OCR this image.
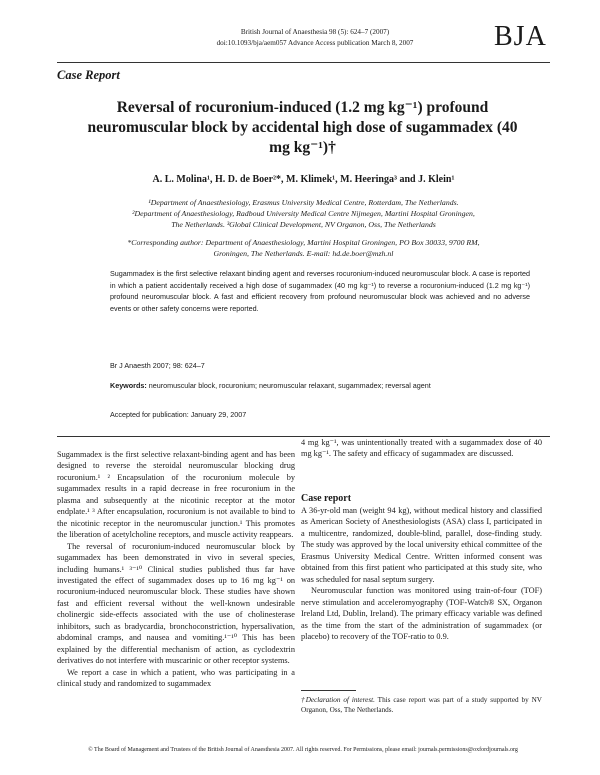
British Journal of Anaesthesia 98 (5): 624–7 (2007)
doi:10.1093/bja/aem057 Advance Access publication March 8, 2007	BJA
Case Report
Reversal of rocuronium-induced (1.2 mg kg⁻¹) profound neuromuscular block by accidental high dose of sugammadex (40 mg kg⁻¹)†
A. L. Molina¹, H. D. de Boer²*, M. Klimek¹, M. Heeringa³ and J. Klein¹
¹Department of Anaesthesiology, Erasmus University Medical Centre, Rotterdam, The Netherlands.
²Department of Anaesthesiology, Radboud University Medical Centre Nijmegen, Martini Hospital Groningen,
The Netherlands. ³Global Clinical Development, NV Organon, Oss, The Netherlands
*Corresponding author: Department of Anaesthesiology, Martini Hospital Groningen, PO Box 30033, 9700 RM,
Groningen, The Netherlands. E-mail: hd.de.boer@mzh.nl
Sugammadex is the first selective relaxant binding agent and reverses rocuronium-induced neuromuscular block. A case is reported in which a patient accidentally received a high dose of sugammadex (40 mg kg⁻¹) to reverse a rocuronium-induced (1.2 mg kg⁻¹) profound neuromuscular block. A fast and efficient recovery from profound neuromuscular block was achieved and no adverse events or other safety concerns were reported.
Br J Anaesth 2007; 98: 624–7
Keywords: neuromuscular block, rocuronium; neuromuscular relaxant, sugammadex; reversal agent
Accepted for publication: January 29, 2007

Sugammadex is the first selective relaxant-binding agent and has been designed to reverse the steroidal neuromuscular blocking drug rocuronium.¹ ² Encapsulation of the rocuronium molecule by sugammadex results in a rapid decrease in free rocuronium in the plasma and subsequently at the nicotinic receptor at the motor endplate.¹ ³ After encapsulation, rocuronium is not available to bind to the nicotinic receptor in the neuromuscular junction.¹ This promotes the liberation of acetylcholine receptors, and muscle activity reappears.

The reversal of rocuronium-induced neuromuscular block by sugammadex has been demonstrated in vivo in several species, including humans.¹ ³⁻¹⁰ Clinical studies published thus far have investigated the effect of sugammadex doses up to 16 mg kg⁻¹ on rocuronium-induced neuromuscular block. These studies have shown fast and efficient reversal without the well-known undesirable cholinergic side-effects associated with the use of cholinesterase inhibitors, such as bradycardia, bronchoconstriction, hypersalivation, abdominal cramps, and nausea and vomiting.¹⁻¹⁰ This has been explained by the differential mechanism of action, as cyclodextrin derivatives do not interfere with muscarinic or other receptor systems.

We report a case in which a patient, who was participating in a clinical study and randomized to sugammadex

4 mg kg⁻¹, was unintentionally treated with a sugammadex dose of 40 mg kg⁻¹. The safety and efficacy of sugammadex are discussed.

Case report

A 36-yr-old man (weight 94 kg), without medical history and classified as American Society of Anesthesiologists (ASA) class I, participated in a multicentre, randomized, double-blind, parallel, dose-finding study. The study was approved by the local university ethical committee of the Erasmus University Medical Centre. Written informed consent was obtained from this first patient who participated at this study site, who was scheduled for nasal septum surgery.

Neuromuscular function was monitored using train-of-four (TOF) nerve stimulation and acceleromyography (TOF-Watch® SX, Organon Ireland Ltd, Dublin, Ireland). The primary efficacy variable was defined as the time from the start of the administration of sugammadex (or placebo) to recovery of the TOF-ratio to 0.9.

†Declaration of interest. This case report was part of a study supported by NV Organon, Oss, The Netherlands.
© The Board of Management and Trustees of the British Journal of Anaesthesia 2007. All rights reserved. For Permissions, please email: journals.permissions@oxfordjournals.org
